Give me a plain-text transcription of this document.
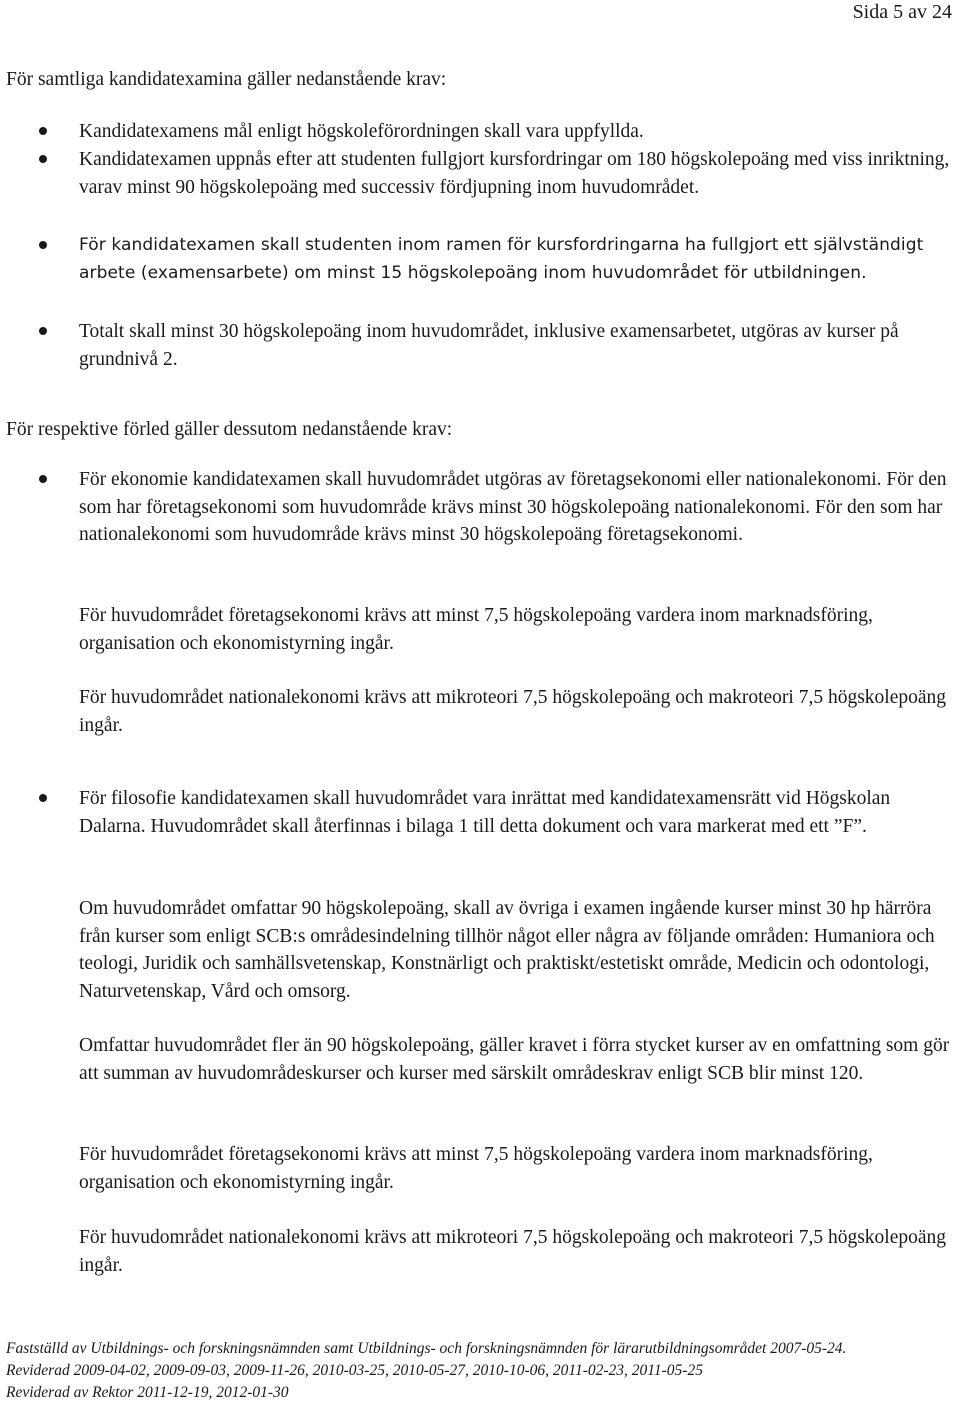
Sida 5 av 24

För samtliga kandidatexamina gäller nedanstående krav:

Kandidatexamens mål enligt högskoleförordningen skall vara uppfyllda.

Kandidatexamen uppnås efter att studenten fullgjort kursfordringar om 180 högskolepoäng med viss inriktning, varav minst 90 högskolepoäng med successiv fördjupning inom huvudområdet.

För kandidatexamen skall studenten inom ramen för kursfordringarna ha fullgjort ett självständigt arbete (examensarbete) om minst 15 högskolepoäng inom huvudområdet för utbildningen.

Totalt skall minst 30 högskolepoäng inom huvudområdet, inklusive examensarbetet, utgöras av kurser på grundnivå 2.

För respektive förled gäller dessutom nedanstående krav:

För ekonomie kandidatexamen skall huvudområdet utgöras av företagsekonomi eller nationalekonomi. För den som har företagsekonomi som huvudområde krävs minst 30 högskolepoäng nationalekonomi. För den som har nationalekonomi som huvudområde krävs minst 30 högskolepoäng företagsekonomi.

För huvudområdet företagsekonomi krävs att minst 7,5 högskolepoäng vardera inom marknadsföring, organisation och ekonomistyrning ingår.

För huvudområdet nationalekonomi krävs att mikroteori 7,5 högskolepoäng och makroteori 7,5 högskolepoäng ingår.

För filosofie kandidatexamen skall huvudområdet vara inrättat med kandidatexamensrätt vid Högskolan Dalarna. Huvudområdet skall återfinnas i bilaga 1 till detta dokument och vara markerat med ett ”F”.

Om huvudområdet omfattar 90 högskolepoäng, skall av övriga i examen ingående kurser minst 30 hp härröra från kurser som enligt SCB:s områdesindelning tillhör något eller några av följande områden: Humaniora och teologi, Juridik och samhällsvetenskap, Konstnärligt och praktiskt/estetiskt område, Medicin och odontologi, Naturvetenskap, Vård och omsorg.

Omfattar huvudområdet fler än 90 högskolepoäng, gäller kravet i förra stycket kurser av en omfattning som gör att summan av huvudområdeskurser och kurser med särskilt områdeskrav enligt SCB blir minst 120.

För huvudområdet företagsekonomi krävs att minst 7,5 högskolepoäng vardera inom marknadsföring, organisation och ekonomistyrning ingår.

För huvudområdet nationalekonomi krävs att mikroteori 7,5 högskolepoäng och makroteori 7,5 högskolepoäng ingår.

Fastställd av Utbildnings- och forskningsnämnden samt Utbildnings- och forskningsnämnden för lärarutbildningsområdet 2007-05-24.
Reviderad 2009-04-02, 2009-09-03, 2009-11-26, 2010-03-25, 2010-05-27, 2010-10-06, 2011-02-23, 2011-05-25
Reviderad av Rektor 2011-12-19, 2012-01-30
